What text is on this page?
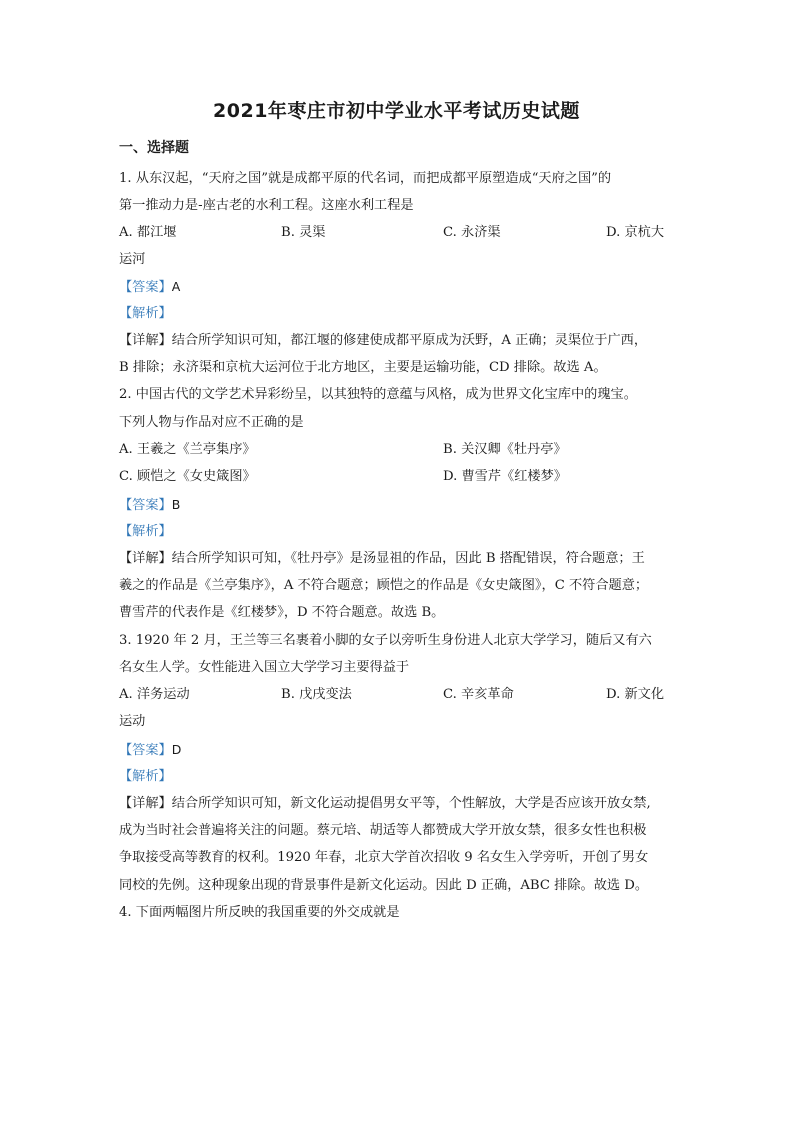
2021年枣庄市初中学业水平考试历史试题

一、选择题

1. 从东汉起，“天府之国”就是成都平原的代名词，而把成都平原塑造成“天府之国”的

第一推动力是-座古老的水利工程。这座水利工程是

A. 都江堰	B. 灵渠	C. 永济渠	D. 京杭大

运河

【答案】A

【解析】

【详解】结合所学知识可知，都江堰的修建使成都平原成为沃野，A 正确；灵渠位于广西，

B 排除；永济渠和京杭大运河位于北方地区，主要是运输功能，CD 排除。故选 A。

2. 中国古代的文学艺术异彩纷呈，以其独特的意蕴与风格，成为世界文化宝库中的瑰宝。

下列人物与作品对应不正确的是

A. 王羲之《兰亭集序》	B. 关汉卿《牡丹亭》

C. 顾恺之《女史箴图》	D. 曹雪芹《红楼梦》

【答案】B

【解析】

【详解】结合所学知识可知，《牡丹亭》是汤显祖的作品，因此 B 搭配错误，符合题意；王

羲之的作品是《兰亭集序》，A 不符合题意；顾恺之的作品是《女史箴图》，C 不符合题意；

曹雪芹的代表作是《红楼梦》，D 不符合题意。故选 B。

3. 1920 年 2 月，王兰等三名裹着小脚的女子以旁听生身份进人北京大学学习，随后又有六

名女生人学。女性能进入国立大学学习主要得益于

A. 洋务运动	B. 戊戌变法	C. 辛亥革命	D. 新文化

运动

【答案】D

【解析】

【详解】结合所学知识可知，新文化运动提倡男女平等，个性解放，大学是否应该开放女禁,

成为当时社会普遍将关注的问题。蔡元培、胡适等人都赞成大学开放女禁，很多女性也积极

争取接受高等教育的权利。1920 年春，北京大学首次招收 9 名女生入学旁听，开创了男女

同校的先例。这种现象出现的背景事件是新文化运动。因此 D 正确，ABC 排除。故选 D。

4. 下面两幅图片所反映的我国重要的外交成就是
